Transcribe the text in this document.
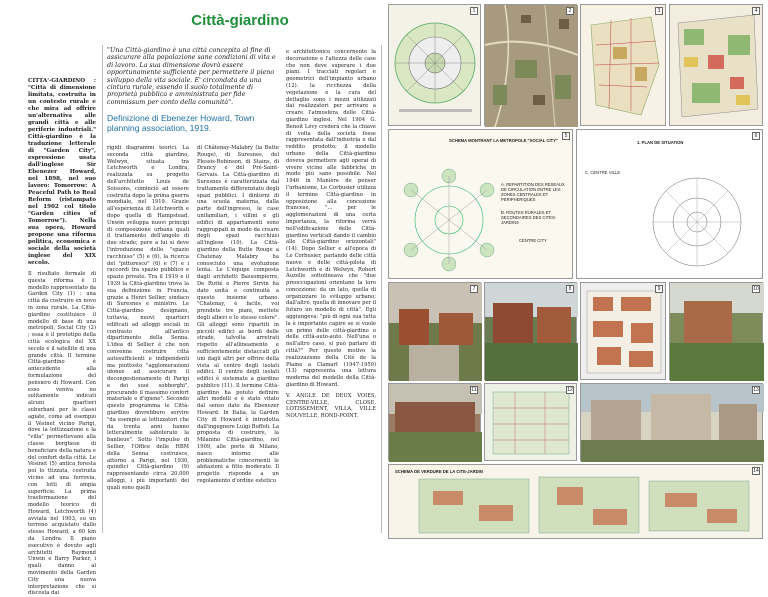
Città-giardino

CITTA'-GIARDINO : "Città di dimensione limitata, costruita in un contesto rurale e che mira ad offrire un'alternativa alle grandi città e alle periferie industriali." Città-giardino è la traduzione letterale di "Garden City", espressione usata dall'inglese Sir Ebenezer Howard, nel 1898, nel suo lavoro: Tomorrow: A Peaceful Path to Real Reform (ristampato nel 1902 col titolo "Garden cities of Tomorrow"). Nella sua opera, Howard propone una riforma politica, economica e sociale della società inglese del XIX secolo.

Il risultato formale di questa riforma è il modello rappresentato da Garden City (1) : una città da costruire ex novo in zona rurale. La Città-giardino costituisce il modello di base di una metropoli, Social City (2) ; essa è il prototipo della città ecologica del XX secolo e il satellite di una grande città. Il termine Città-giardino è antecedente alla formulazione del pensiero di Howard. Con esso veniva no solitamente indicati alcuni quartieri suburbani per le classi agiate, come ad esempio il Vésinet vicino Parigi, dove la lottizzazione e la "villa" permettevano alla classe borghese di beneficiare della natura e del confort della città. Le Vésinet (5) antica foresta poi lo ttizzata, costruita vicino ad una ferrovia, con lotti di ampia superficie. La prima trasformazione del modello teorico di Howard, Letchworth (4) avviata nel 1903, su un terreno acquistato dallo stesso Howard, a 60 km da Londra. Il piano esecutivo è dovuto agli architetti Raymond Unwin e Barry Parker, i quali danno al movimento della Garden City una nuova interpretazione che si discosta dai

"Una Città-giardino è una città concepita al fine di assicurare alla popolazione sane condizioni di vita e di lavoro. La sua dimensione dovrà essere opportunamente sufficiente per permettere il pieno sviluppo della vita sociale. E' circondata da una cintura rurale, essendo il suolo totalmente di proprietà pubblica e amministrata per fide commissum per conto della comunità".
Definizione di Ebenezer Howard, Town planning association, 1919.

rigidi diagrammi teorici. La seconda città giardino, Welwyn, situata tra Letchworth e Londra, realizzata su progetto dell'architetto Louis de Soissons, cominciò ad essere costruita dopo la prima guerra mondiale, nel 1919. Grazie all'esperienza di Letchworth e dopo quella di Hampstead, Unwin sviluppa nuovi principi di composizione urbana quali il trattamento dell'angolo di due strade; pure a lui si deve l'introduzione dello "spazio racchiuso" (5) e (6), la ricerca del "pittoresco" (6) e (7) e i raccordi tra spazio pubblico e spazio privato. Tra il 1919 e il 1939 la Città-giardino trova la sua definizione in Francia, grazie a Henri Sellier, sindaco di Suresnes e ministro. Le Città-giardino designano, tuttavia, nuovi quartieri edificati ad alloggi sociali in contrasto all'antico dipartimento della Senna. L'idea di Sellier è che non convenne costruire città autosufficienti e indipendenti ma piuttosto "agglomerazioni idonee ad assicurare il decongestionamento di Parigi e dei suoi sobborghi", procurando il massimo confort materiale e d'igiene". Secondo questo programma le Città-giardino dovrebbero servire "da esempio ai lottizzatori che da trenta anni hanno letteralmente saboterato la banlieue". Sotto l'impulso di Sellier, l'Office delle HBM della Senna costruisce, attorno a Parigi, nel 1930, quindici Città-giardino (9) rappresentando circa 20.000 alloggi, i più importanti dei quali sono quelli

di Châtenay-Malabry (la Butte Rouge), di Suresnes, del Plessis-Robinson, di Stains, di Drancy e del Pré-Saint-Gervais. La Città-giardino di Suresnes è caratterizzata dal trattamento differenziato degli spazi pubblici. I dintorni di una scuola materna, dalla parte dell'ingresso, le case unifamiliari, i villini e gli edifici di appartamenti sono raggruppati in modo da creare degli spazi racchiusi all'inglese (10). La Città-giardino della Butte Rouge a Chatenay Malabry ha conosciuto una evoluzione lenta. Le L'équipe composta dagli architetti Bassompierre, De Rutté e Pierre Sirvin ha dato unità e continuità a questo insieme urbano. "Chatenay, è facile, voi prendete tre piani, mettete degli alberi e lo stesso colore". Gli alloggi sono ripartiti in piccoli edifici ai bordi delle strade, talvolta arretrati rispetto all'allineamento e sufficientemente distaccati gli uni dagli altri per offrire della vista al centro degli isolati edifici. Il centro degli isolati edifici è sistemato a giardino pubblico (11). Il termine Città-giardino ha potuto definire altri modelli e è stato vitato dal senso dato da Ebenezer Howard. In Italia, la Garden City di Howard è introdotta dall'ingegnere Luigi Buffoli. La proposta di costruire, la Milanino Città-giardino, nel 1909, alle porte di Milano, nasce intorno alle problematiche concernenti le abitazioni a fitto moderato. Il progetto risponde a un regolamento d'ordine estetico

e architettonico concernente la decorazione e l'altezza delle case che non deve superare i due piani. I tracciati regolari e geometrici dell'impianto urbano (12). la ricchezza della vegetazione e la cura del dettaglio sono i mezzi utilizzati dai realizzatori per arrivare a creare l'atmosfera delle Città-giardino inglesi. Nel 1904 G. Benoit Lévy crederà che la chiave di volta della società fosse rappresentata dall'industria e dal reddito prodotto; il modello urbano della Città-giardino doveva permettere agli operai di vivere vicino alle fabbriche in modo più sano possibile. Nel 1946 in Manière de penser l'urbanisme, Le Corbusier utilizza il termine Città-giardino in opposizione alla concezione francese, "... per le agglomerazioni di una certa importanza, la riforma verrà nell'edificazione delle Città-giardino verticali dando il cambio alle Città-giardino orizzontali" (14). Dopo Sellier e all'epoca di Le Corbusier, parlando delle città nuove e delle città-pilota di Letchworth e di Welwyn, Robert Auzelle sottolineava che "due preoccupazioni orientano la loro concezione: da un lato, quella di organizzare lo sviluppo urbano; dall'altro, quella di innovare per il futuro un modello di città". Egli aggiungeva: "più di ogni sua tutta la è importante capire se si vuole un primo delle città-giardino o delle città-auto-auto. Nell'una o nell'altro caso, si può parlare di città?" Per questo motivo la realizzazione della Cité de la Plaine a Clamart (1947-1959) (13) rappresenta una lettura moderna del modello della Città-giardino di Howard.

V. ANGLE DE DEUX VOIES, CENTRE-VILLE, CLOSE, LOTISSEMENT, VILLA, VILLE NOUVELLE, ROND-POINT.

1	2	3	4
SCHEMA MONTRANT LA METROPOLE "SOCIAL CITY"
A. REPARTITION DES RESEAUX DE CIRCULATION ENTRE LES ZONES CENTRALES ET PERIPHERIQUES
B. ROUTES RURALES ET SECONDAIRES DES CITES-JARDINS
CENTRE CITY
5
1. PLAN DE SITUATION
C. CENTRE VILLE
6
7	8	9	10
11	12	13
SCHEMA DE VERDURE DE LA CITE-JARDIN	14
